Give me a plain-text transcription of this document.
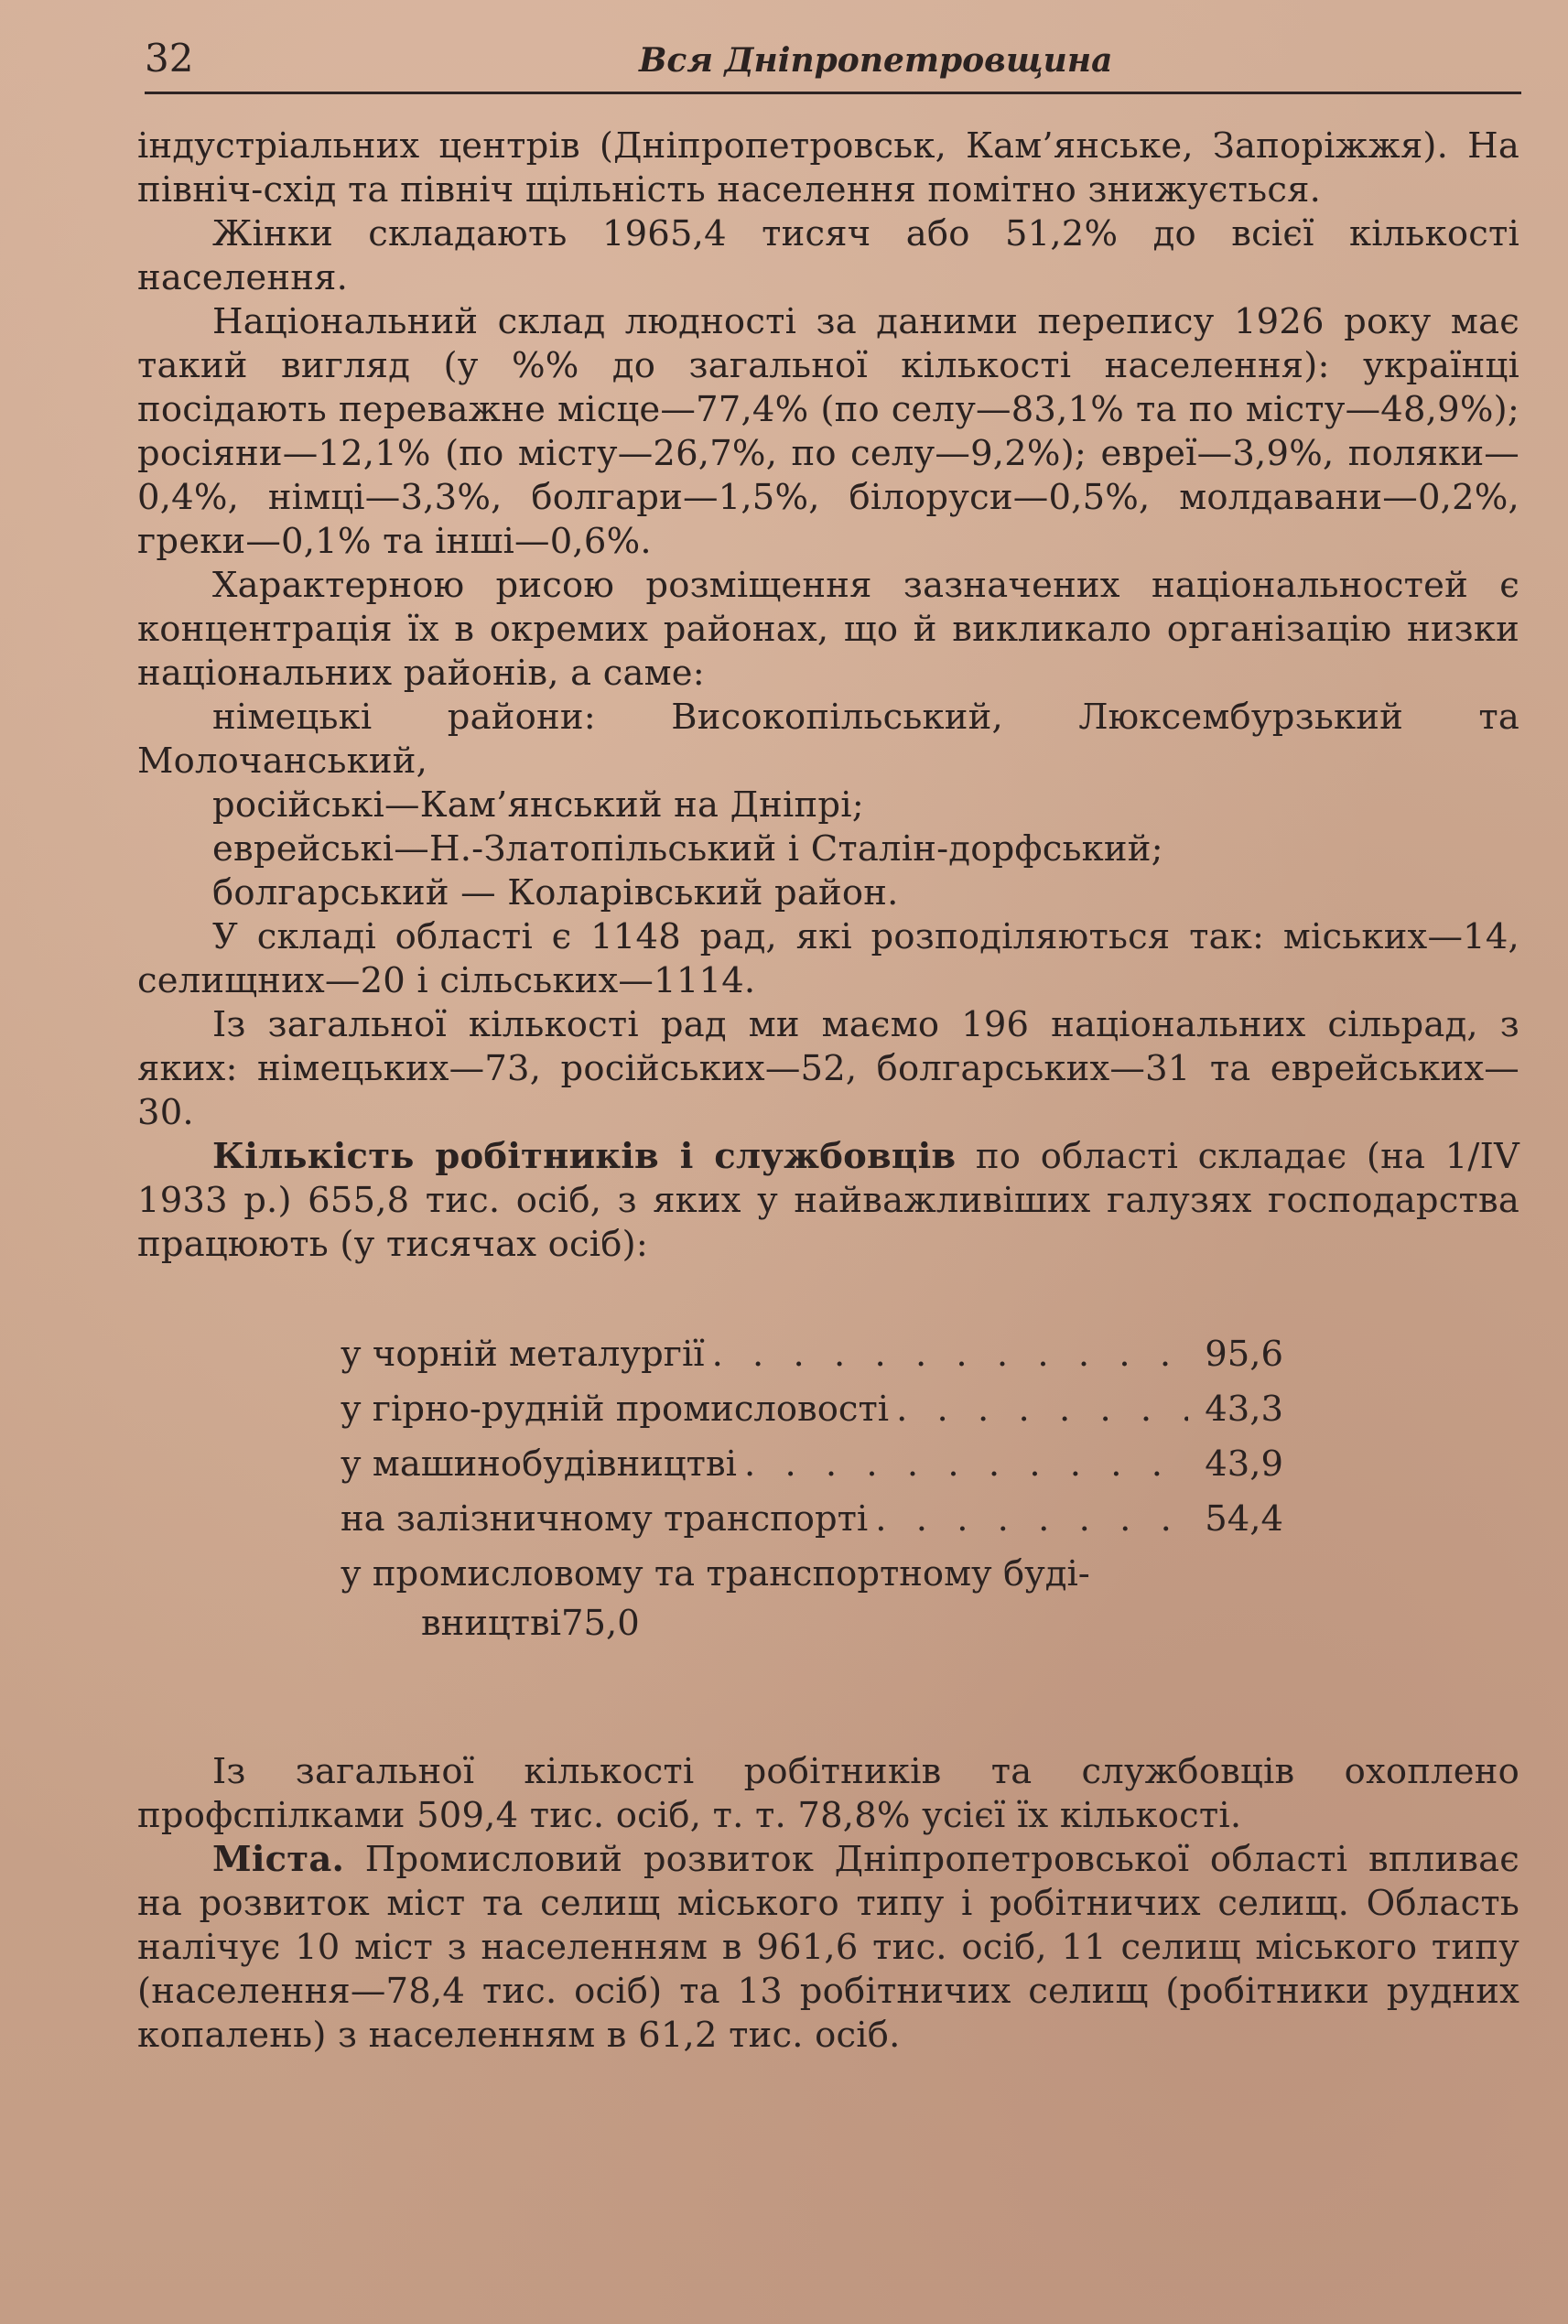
32	Вся Дніпропетровщина

індустріальних центрів (Дніпропетровськ, Кам’янське, Запоріжжя). На північ-схід та північ щільність населення помітно знижується.

Жінки складають 1965,4 тисяч або 51,2% до всієї кількості населення.

Національний склад людності за даними перепису 1926 року має такий вигляд (у %% до загальної кількості населення): українці посідають переважне місце—77,4% (по селу—83,1% та по місту—48,9%); росіяни—12,1% (по місту—26,7%, по селу—9,2%); евреї—3,9%, поляки—0,4%, німці—3,3%, болгари—1,5%, білоруси—0,5%, молдавани—0,2%, греки—0,1% та інші—0,6%.

Характерною рисою розміщення зазначених національностей є концентрація їх в окремих районах, що й викликало організацію низки національних районів, а саме:

німецькі райони: Високопільський, Люксембурзький та Молочанський,

російські—Кам’янський на Дніпрі;

еврейські—Н.-Златопільський і Сталін-дорфський;

болгарський — Коларівський район.

У складі області є 1148 рад, які розподіляються так: міських—14, селищних—20 і сільських—1114.

Із загальної кількості рад ми маємо 196 національних сільрад, з яких: німецьких—73, російських—52, болгарських—31 та еврейських—30.

Кількість робітників і службовців по області складає (на 1/IV 1933 р.) 655,8 тис. осіб, з яких у найважливіших галузях господарства працюють (у тисячах осіб):

у чорній металургії . . .	95,6
у гірно-рудній промисловості . . .	43,3
у машинобудівництві . . .	43,9
на залізничному транспорті . . .	54,4
у промисловому та транспортному буді-
вництві 75,0

Із загальної кількості робітників та службовців охоплено профспілками 509,4 тис. осіб, т. т. 78,8% усієї їх кількості.

Міста. Промисловий розвиток Дніпропетровської області впливає на розвиток міст та селищ міського типу і робітничих селищ. Область налічує 10 міст з населенням в 961,6 тис. осіб, 11 селищ міського типу (населення—78,4 тис. осіб) та 13 робітничих селищ (робітники рудних копалень) з населенням в 61,2 тис. осіб.
